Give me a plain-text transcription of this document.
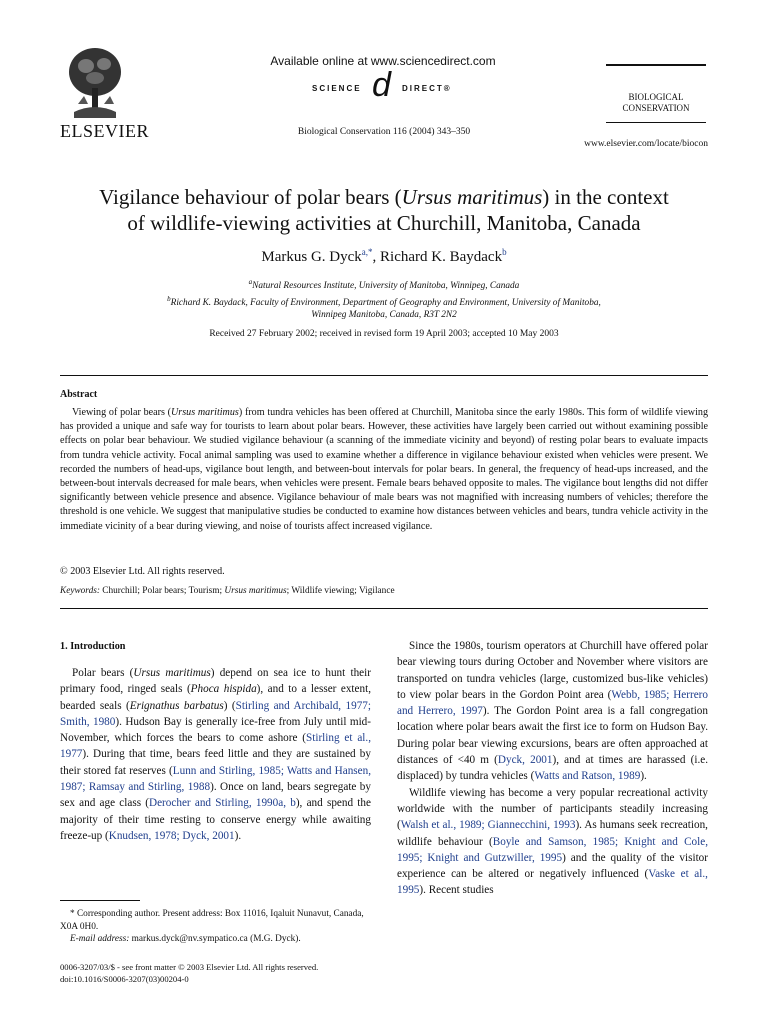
ELSEVIER
Available online at www.sciencedirect.com
SCIENCE d DIRECT®
Biological Conservation 116 (2004) 343–350
BIOLOGICAL
CONSERVATION
www.elsevier.com/locate/biocon
Vigilance behaviour of polar bears (Ursus maritimus) in the context
of wildlife-viewing activities at Churchill, Manitoba, Canada
Markus G. Dyck$^{a,*}$, Richard K. Baydack$^b$
$^a$Natural Resources Institute, University of Manitoba, Winnipeg, Canada
$^b$Richard K. Baydack, Faculty of Environment, Department of Geography and Environment, University of Manitoba,
Winnipeg Manitoba, Canada, R3T 2N2
Received 27 February 2002; received in revised form 19 April 2003; accepted 10 May 2003
Abstract
Viewing of polar bears (Ursus maritimus) from tundra vehicles has been offered at Churchill, Manitoba since the early 1980s. This form of wildlife viewing has provided a unique and safe way for tourists to learn about polar bears. However, these activities have largely been carried out without examining possible effects on polar bear behaviour. We studied vigilance behaviour (a scanning of the immediate vicinity and beyond) of resting polar bears to evaluate impacts from tundra vehicle activity. Focal animal sampling was used to examine whether a difference in vigilance behaviour existed when vehicles were present. We recorded the numbers of head-ups, vigilance bout length, and between-bout intervals for polar bears. In general, the frequency of head-ups increased, and the between-bout intervals decreased for male bears, when vehicles were present. Female bears behaved opposite to males. The vigilance bout lengths did not differ significantly between vehicle presence and absence. Vigilance behaviour of male bears was not magnified with increasing numbers of vehicles; therefore the threshold is one vehicle. We suggest that manipulative studies be conducted to examine how distances between vehicles and bears, tundra vehicle activity in the immediate vicinity of a bear during viewing, and noise of tourists affect increased vigilance.
© 2003 Elsevier Ltd. All rights reserved.
Keywords: Churchill; Polar bears; Tourism; Ursus maritimus; Wildlife viewing; Vigilance
1. Introduction

Polar bears (Ursus maritimus) depend on sea ice to hunt their primary food, ringed seals (Phoca hispida), and to a lesser extent, bearded seals (Erignathus barbatus) (Stirling and Archibald, 1977; Smith, 1980). Hudson Bay is generally ice-free from July until mid-November, which forces the bears to come ashore (Stirling et al., 1977). During that time, bears feed little and they are sustained by their stored fat reserves (Lunn and Stirling, 1985; Watts and Hansen, 1987; Ramsay and Stirling, 1988). Once on land, bears segregate by sex and age class (Derocher and Stirling, 1990a, b), and spend the majority of their time resting to conserve energy while awaiting freeze-up (Knudsen, 1978; Dyck, 2001).

Since the 1980s, tourism operators at Churchill have offered polar bear viewing tours during October and November where visitors are transported on tundra vehicles (large, customized bus-like vehicles) to view polar bears in the Gordon Point area (Webb, 1985; Herrero and Herrero, 1997). The Gordon Point area is a fall congregation location where polar bears await the first ice to form on Hudson Bay. During polar bear viewing excursions, bears are often approached at distances of <40 m (Dyck, 2001), and at times are harassed (i.e. displaced) by tundra vehicles (Watts and Ratson, 1989).

Wildlife viewing has become a very popular recreational activity worldwide with the number of participants steadily increasing (Walsh et al., 1989; Giannecchini, 1993). As humans seek recreation, wildlife behaviour (Boyle and Samson, 1985; Knight and Cole, 1995; Knight and Gutzwiller, 1995) and the quality of the visitor experience can be altered or negatively influenced (Vaske et al., 1995). Recent studies

* Corresponding author. Present address: Box 11016, Iqaluit Nunavut, Canada, X0A 0H0.

E-mail address: markus.dyck@nv.sympatico.ca (M.G. Dyck).

0006-3207/03/$ - see front matter © 2003 Elsevier Ltd. All rights reserved.
doi:10.1016/S0006-3207(03)00204-0
